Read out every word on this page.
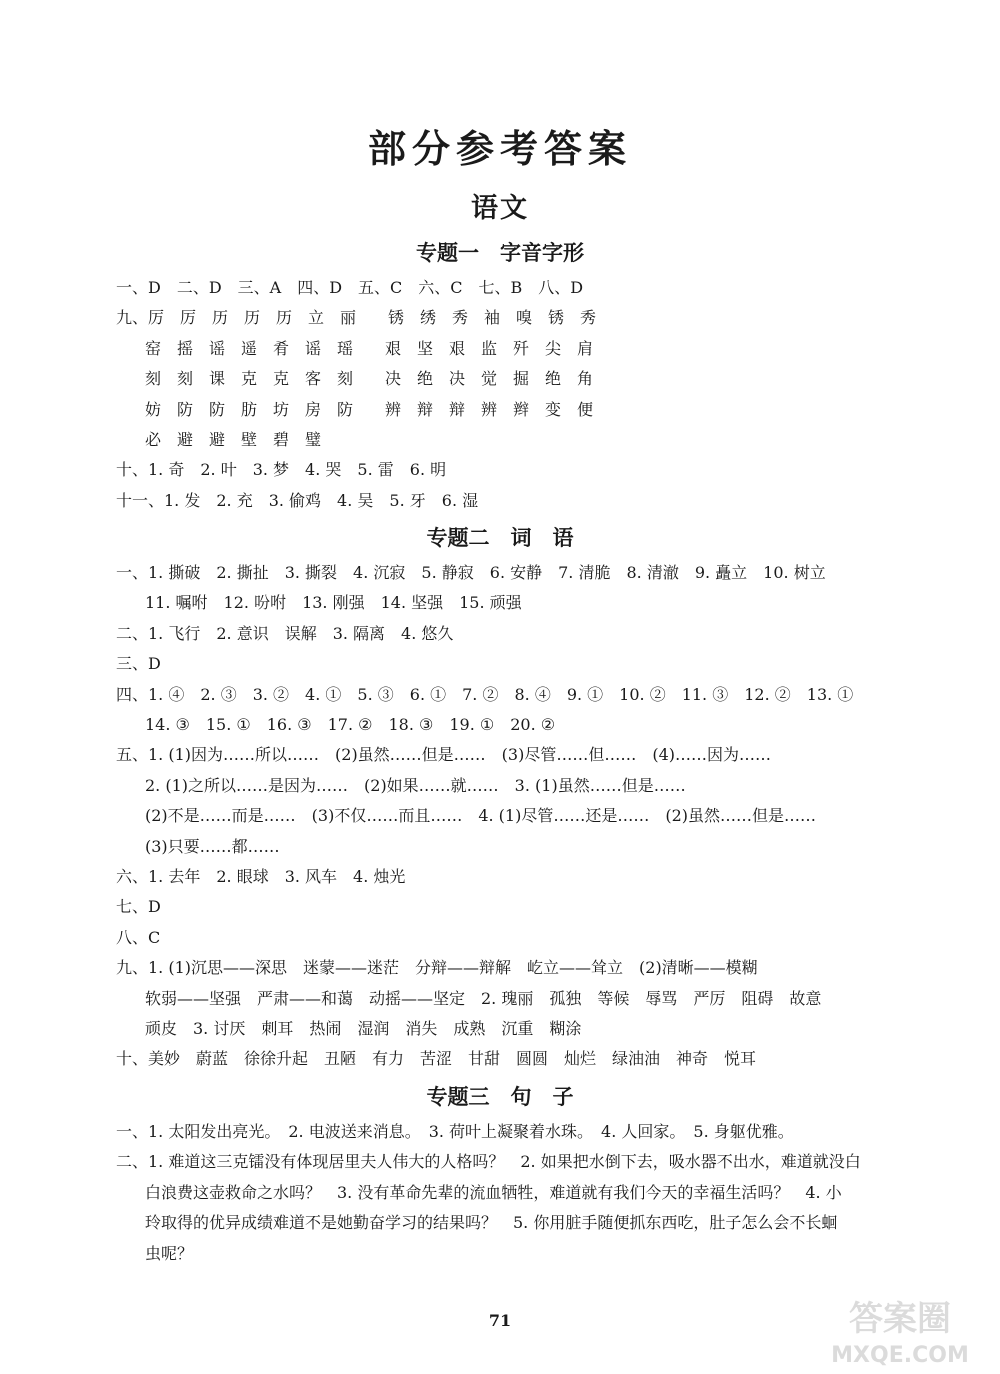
部分参考答案
语文
专题一　字音字形
一、D　二、D　三、A　四、D　五、C　六、C　七、B　八、D
九、厉　厉　历　历　历　立　丽　　锈　绣　秀　袖　嗅　锈　秀
窑　摇　谣　遥　肴　谣　瑶　　艰　坚　艰　监　歼　尖　肩
刻　刻　课　克　克　客　刻　　决　绝　决　觉　掘　绝　角
妨　防　防　肪　坊　房　防　　辨　辩　辩　辨　辫　变　便
必　避　避　壁　碧　璧
十、1. 奇　2. 叶　3. 梦　4. 哭　5. 雷　6. 明
十一、1. 发　2. 充　3. 偷鸡　4. 吴　5. 牙　6. 湿
专题二　词　语
一、1. 撕破　2. 撕扯　3. 撕裂　4. 沉寂　5. 静寂　6. 安静　7. 清脆　8. 清澈　9. 矗立　10. 树立
11. 嘱咐　12. 吩咐　13. 刚强　14. 坚强　15. 顽强
二、1. 飞行　2. 意识　误解　3. 隔离　4. 悠久
三、D
四、1. ④　2. ③　3. ②　4. ①　5. ③　6. ①　7. ②　8. ④　9. ①　10. ②　11. ③　12. ②　13. ①
14. ③　15. ①　16. ③　17. ②　18. ③　19. ①　20. ②
五、1. (1)因为……所以……　(2)虽然……但是……　(3)尽管……但……　(4)……因为……
2. (1)之所以……是因为……　(2)如果……就……　3. (1)虽然……但是……
(2)不是……而是……　(3)不仅……而且……　4. (1)尽管……还是……　(2)虽然……但是……
(3)只要……都……
六、1. 去年　2. 眼球　3. 风车　4. 烛光
七、D
八、C
九、1. (1)沉思——深思　迷蒙——迷茫　分辩——辩解　屹立——耸立　(2)清晰——模糊
软弱——坚强　严肃——和蔼　动摇——坚定　2. 瑰丽　孤独　等候　辱骂　严厉　阻碍　故意
顽皮　3. 讨厌　刺耳　热闹　湿润　消失　成熟　沉重　糊涂
十、美妙　蔚蓝　徐徐升起　丑陋　有力　苦涩　甘甜　圆圆　灿烂　绿油油　神奇　悦耳
专题三　句　子
一、1. 太阳发出亮光。　2. 电波送来消息。　3. 荷叶上凝聚着水珠。　4. 人回家。　5. 身躯优雅。
二、1. 难道这三克镭没有体现居里夫人伟大的人格吗？　2. 如果把水倒下去，吸水器不出水，难道就没白
白浪费这壶救命之水吗？　3. 没有革命先辈的流血牺牲，难道就有我们今天的幸福生活吗？　4. 小
玲取得的优异成绩难道不是她勤奋学习的结果吗？　5. 你用脏手随便抓东西吃，肚子怎么会不长蛔
虫呢？
71	答案圈
MXQE.COM
